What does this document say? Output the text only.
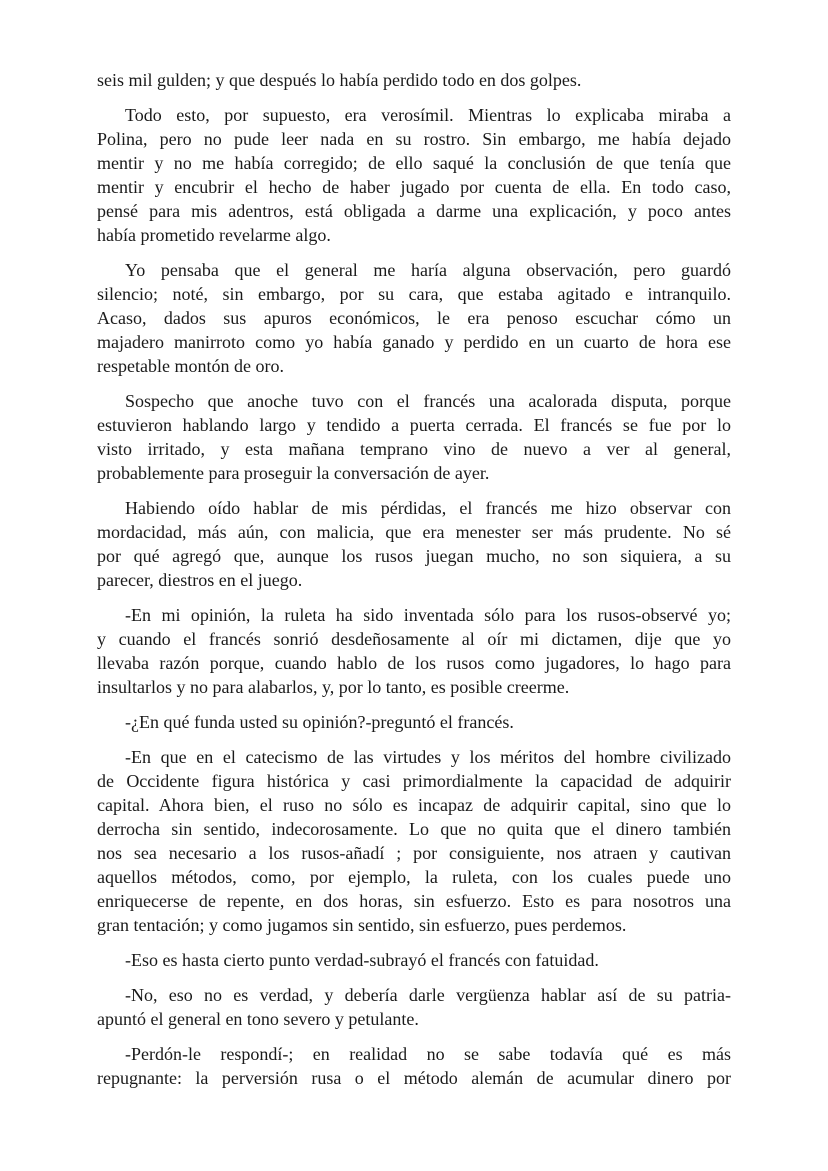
seis mil gulden; y que después lo había perdido todo en dos golpes.
Todo esto, por supuesto, era verosímil. Mientras lo explicaba miraba a
Polina, pero no pude leer nada en su rostro. Sin embargo, me había dejado
mentir y no me había corregido; de ello saqué la conclusión de que tenía que
mentir y encubrir el hecho de haber jugado por cuenta de ella. En todo caso,
pensé para mis adentros, está obligada a darme una explicación, y poco antes
había prometido revelarme algo.
Yo pensaba que el general me haría alguna observación, pero guardó
silencio; noté, sin embargo, por su cara, que estaba agitado e intranquilo.
Acaso, dados sus apuros económicos, le era penoso escuchar cómo un
majadero manirroto como yo había ganado y perdido en un cuarto de hora ese
respetable montón de oro.
Sospecho que anoche tuvo con el francés una acalorada disputa, porque
estuvieron hablando largo y tendido a puerta cerrada. El francés se fue por lo
visto irritado, y esta mañana temprano vino de nuevo a ver al general,
probablemente para proseguir la conversación de ayer.
Habiendo oído hablar de mis pérdidas, el francés me hizo observar con
mordacidad, más aún, con malicia, que era menester ser más prudente. No sé
por qué agregó que, aunque los rusos juegan mucho, no son siquiera, a su
parecer, diestros en el juego.
-En mi opinión, la ruleta ha sido inventada sólo para los rusos-observé yo;
y cuando el francés sonrió desdeñosamente al oír mi dictamen, dije que yo
llevaba razón porque, cuando hablo de los rusos como jugadores, lo hago para
insultarlos y no para alabarlos, y, por lo tanto, es posible creerme.
-¿En qué funda usted su opinión?-preguntó el francés.
-En que en el catecismo de las virtudes y los méritos del hombre civilizado
de Occidente figura histórica y casi primordialmente la capacidad de adquirir
capital. Ahora bien, el ruso no sólo es incapaz de adquirir capital, sino que lo
derrocha sin sentido, indecorosamente. Lo que no quita que el dinero también
nos sea necesario a los rusos-añadí ; por consiguiente, nos atraen y cautivan
aquellos métodos, como, por ejemplo, la ruleta, con los cuales puede uno
enriquecerse de repente, en dos horas, sin esfuerzo. Esto es para nosotros una
gran tentación; y como jugamos sin sentido, sin esfuerzo, pues perdemos.
-Eso es hasta cierto punto verdad-subrayó el francés con fatuidad.
-No, eso no es verdad, y debería darle vergüenza hablar así de su patria-
apuntó el general en tono severo y petulante.
-Perdón-le respondí-; en realidad no se sabe todavía qué es más
repugnante: la perversión rusa o el método alemán de acumular dinero por
